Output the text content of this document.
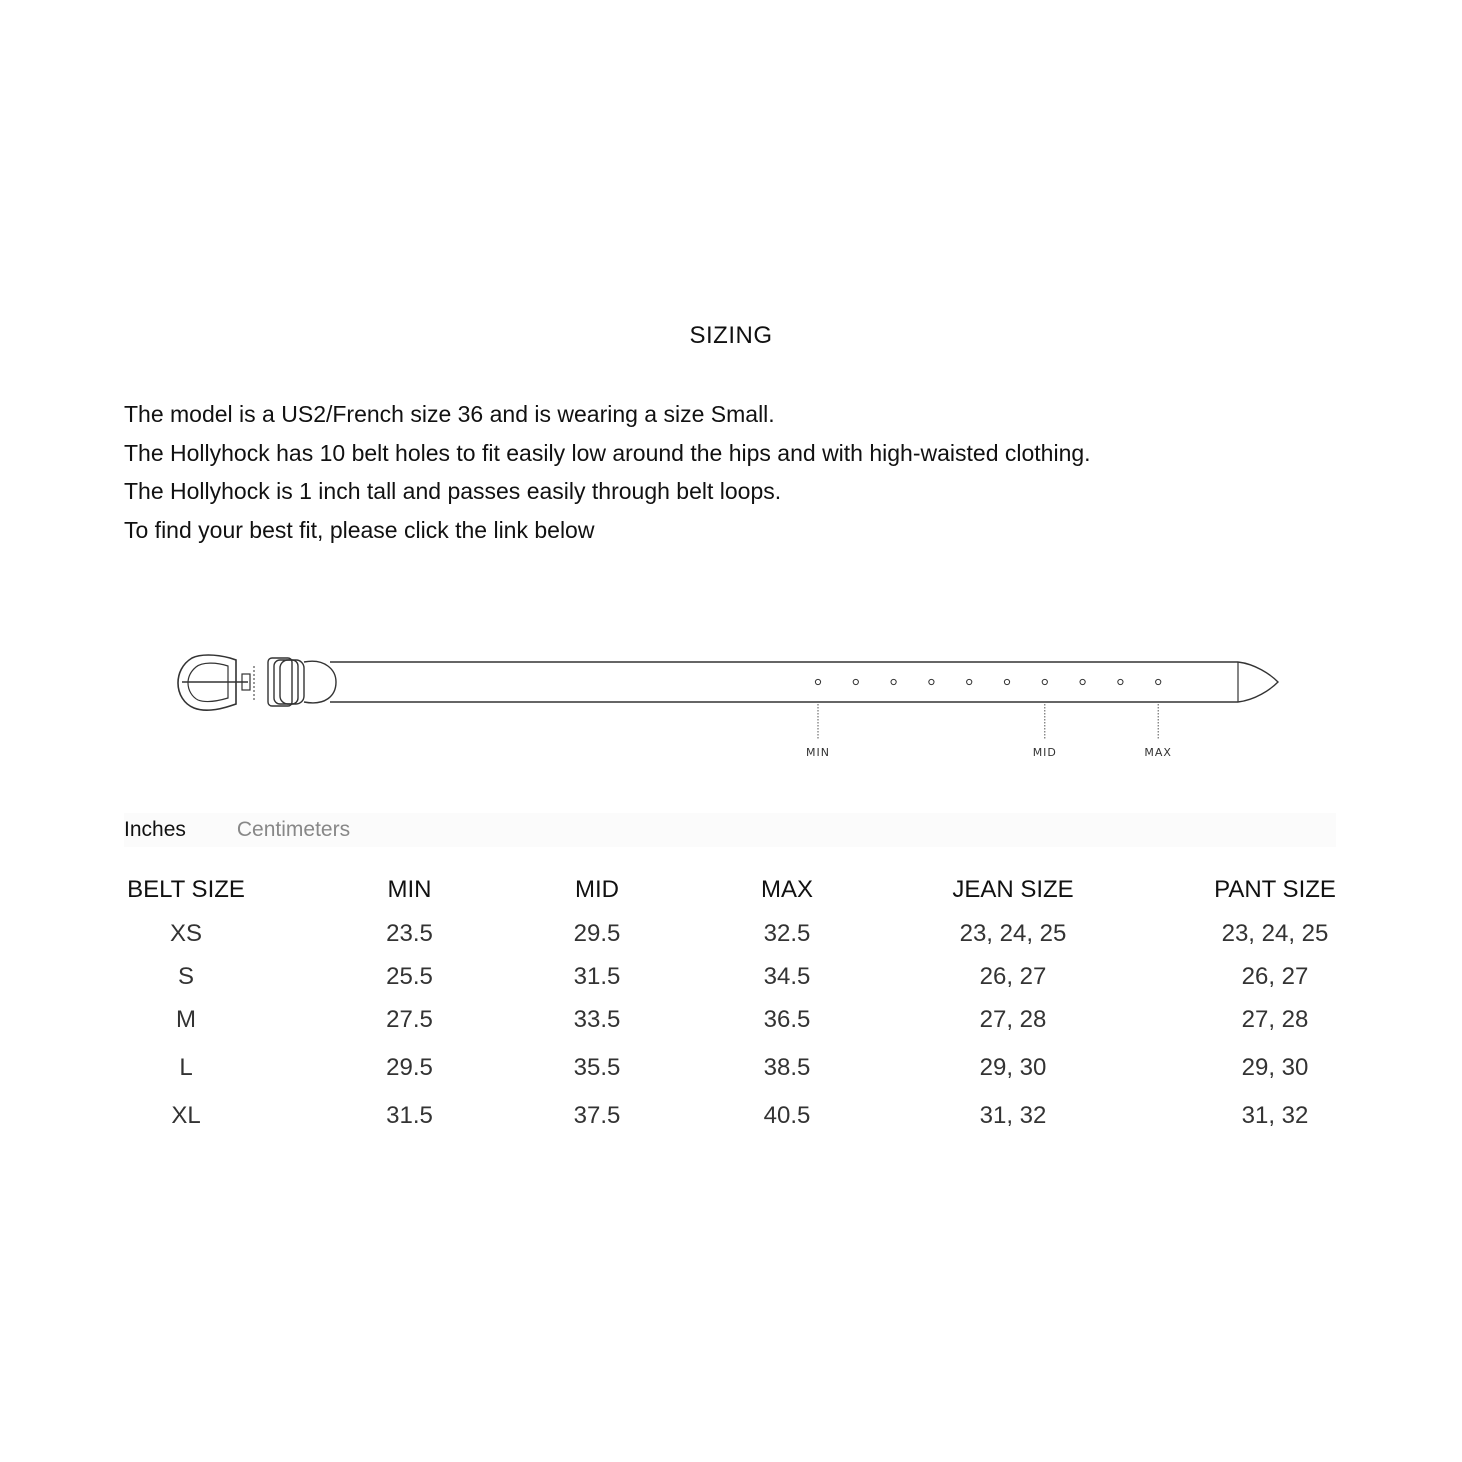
SIZING

The model is a US2/French size 36 and is wearing a size Small.

The Hollyhock has 10 belt holes to fit easily low around the hips and with high-waisted clothing.

The Hollyhock is 1 inch tall and passes easily through belt loops.

To find your best fit, please click the link below

MIN	MID	MAX
Inches Centimeters
BELT SIZE	MIN	MID	MAX	JEAN SIZE	PANT SIZE
XS	23.5	29.5	32.5	23, 24, 25	23, 24, 25
S	25.5	31.5	34.5	26, 27	26, 27
M	27.5	33.5	36.5	27, 28	27, 28
L	29.5	35.5	38.5	29, 30	29, 30
XL	31.5	37.5	40.5	31, 32	31, 32
